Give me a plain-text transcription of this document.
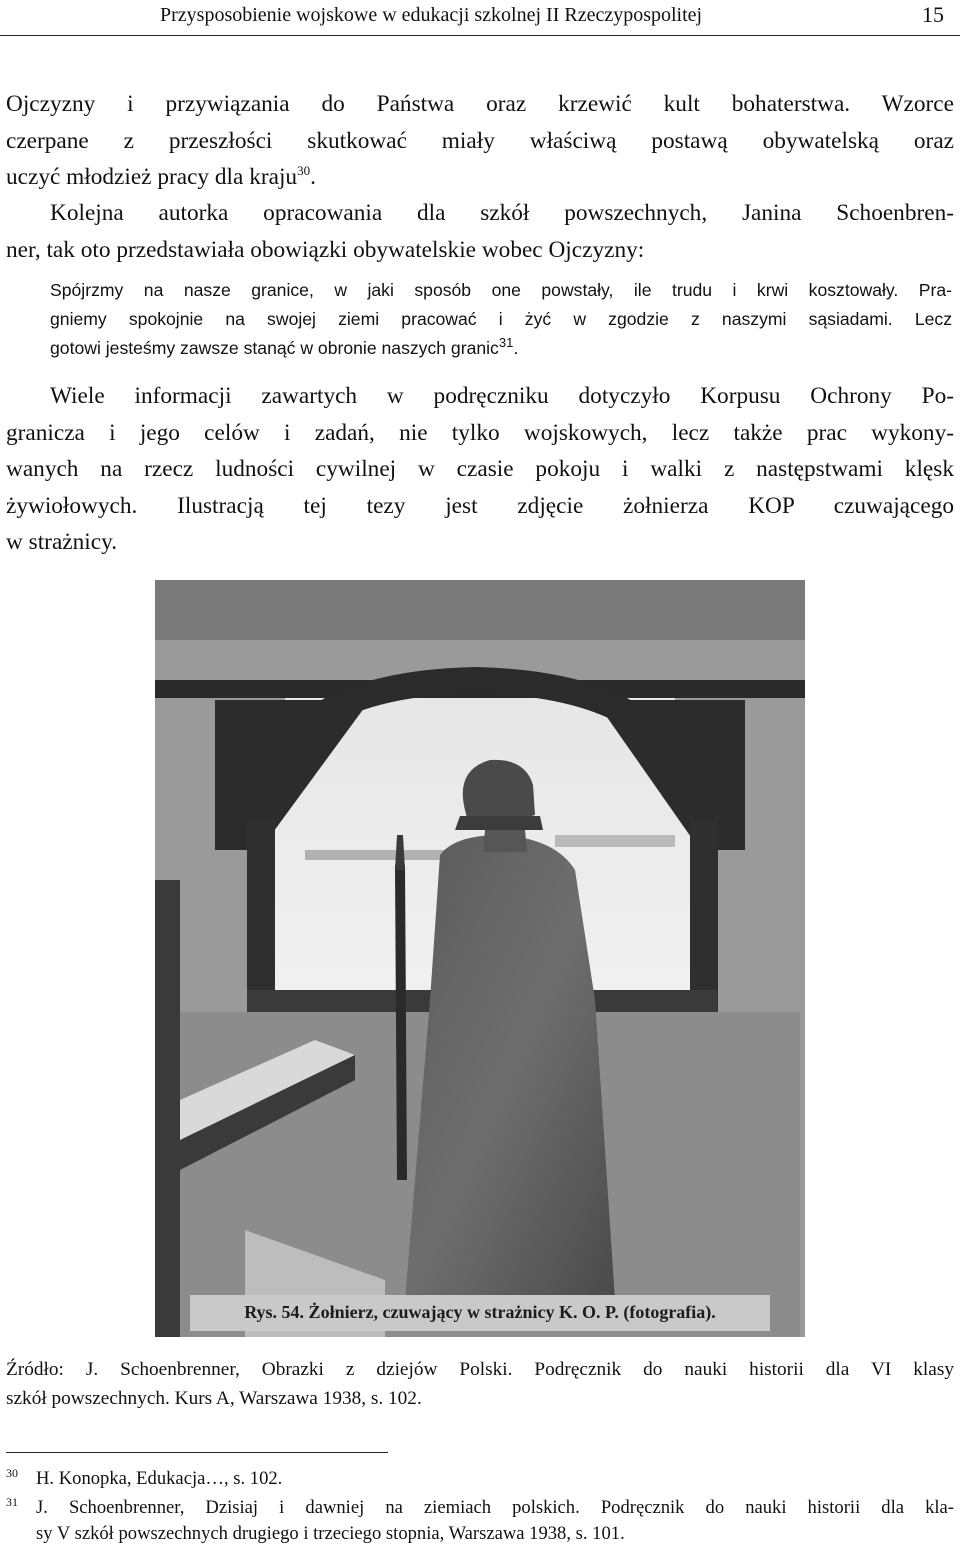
Przysposobienie wojskowe w edukacji szkolnej II Rzeczypospolitej	15
Ojczyzny i przywiązania do Państwa oraz krzewić kult bohaterstwa. Wzorce
czerpane z przeszłości skutkować miały właściwą postawą obywatelską oraz
uczyć młodzież pracy dla kraju$^{30}$.
Kolejna autorka opracowania dla szkół powszechnych, Janina Schoenbren-
ner, tak oto przedstawiała obowiązki obywatelskie wobec Ojczyzny:
Spójrzmy na nasze granice, w jaki sposób one powstały, ile trudu i krwi kosztowały. Pra-
gniemy spokojnie na swojej ziemi pracować i żyć w zgodzie z naszymi sąsiadami. Lecz
gotowi jesteśmy zawsze stanąć w obronie naszych granic$^{31}$.
Wiele informacji zawartych w podręczniku dotyczyło Korpusu Ochrony Po-
granicza i jego celów i zadań, nie tylko wojskowych, lecz także prac wykony-
wanych na rzecz ludności cywilnej w czasie pokoju i walki z następstwami klęsk
żywiołowych. Ilustracją tej tezy jest zdjęcie żołnierza KOP czuwającego
w strażnicy.
Rys. 54. Żołnierz, czuwający w strażnicy K. O. P. (fotografia).
Źródło: J. Schoenbrenner, Obrazki z dziejów Polski. Podręcznik do nauki historii dla VI klasy
szkół powszechnych. Kurs A, Warszawa 1938, s. 102.
30 H. Konopka, Edukacja…, s. 102.
31 J. Schoenbrenner, Dzisiaj i dawniej na ziemiach polskich. Podręcznik do nauki historii dla kla-
sy V szkół powszechnych drugiego i trzeciego stopnia, Warszawa 1938, s. 101.
